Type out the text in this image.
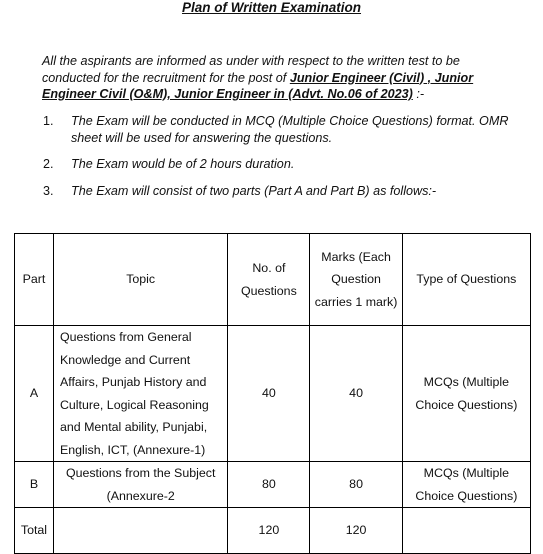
Plan of Written Examination
All the aspirants are informed as under with respect to the written test to be conducted for the recruitment for the post of Junior Engineer (Civil) , Junior Engineer Civil (O&M), Junior Engineer in (Advt. No.06 of 2023) :-
1. The Exam will be conducted in MCQ (Multiple Choice Questions) format. OMR sheet will be used for answering the questions.
2. The Exam would be of 2 hours duration.
3. The Exam will consist of two parts (Part A and Part B) as follows:-
Part	Topic	No. of Questions	Marks (Each Question carries 1 mark)	Type of Questions
A	Questions from General Knowledge and Current Affairs, Punjab History and Culture, Logical Reasoning and Mental ability, Punjabi, English, ICT, (Annexure-1)	40	40	MCQs (Multiple Choice Questions)
B	Questions from the Subject (Annexure-2	80	80	MCQs (Multiple Choice Questions)
Total		120	120	
